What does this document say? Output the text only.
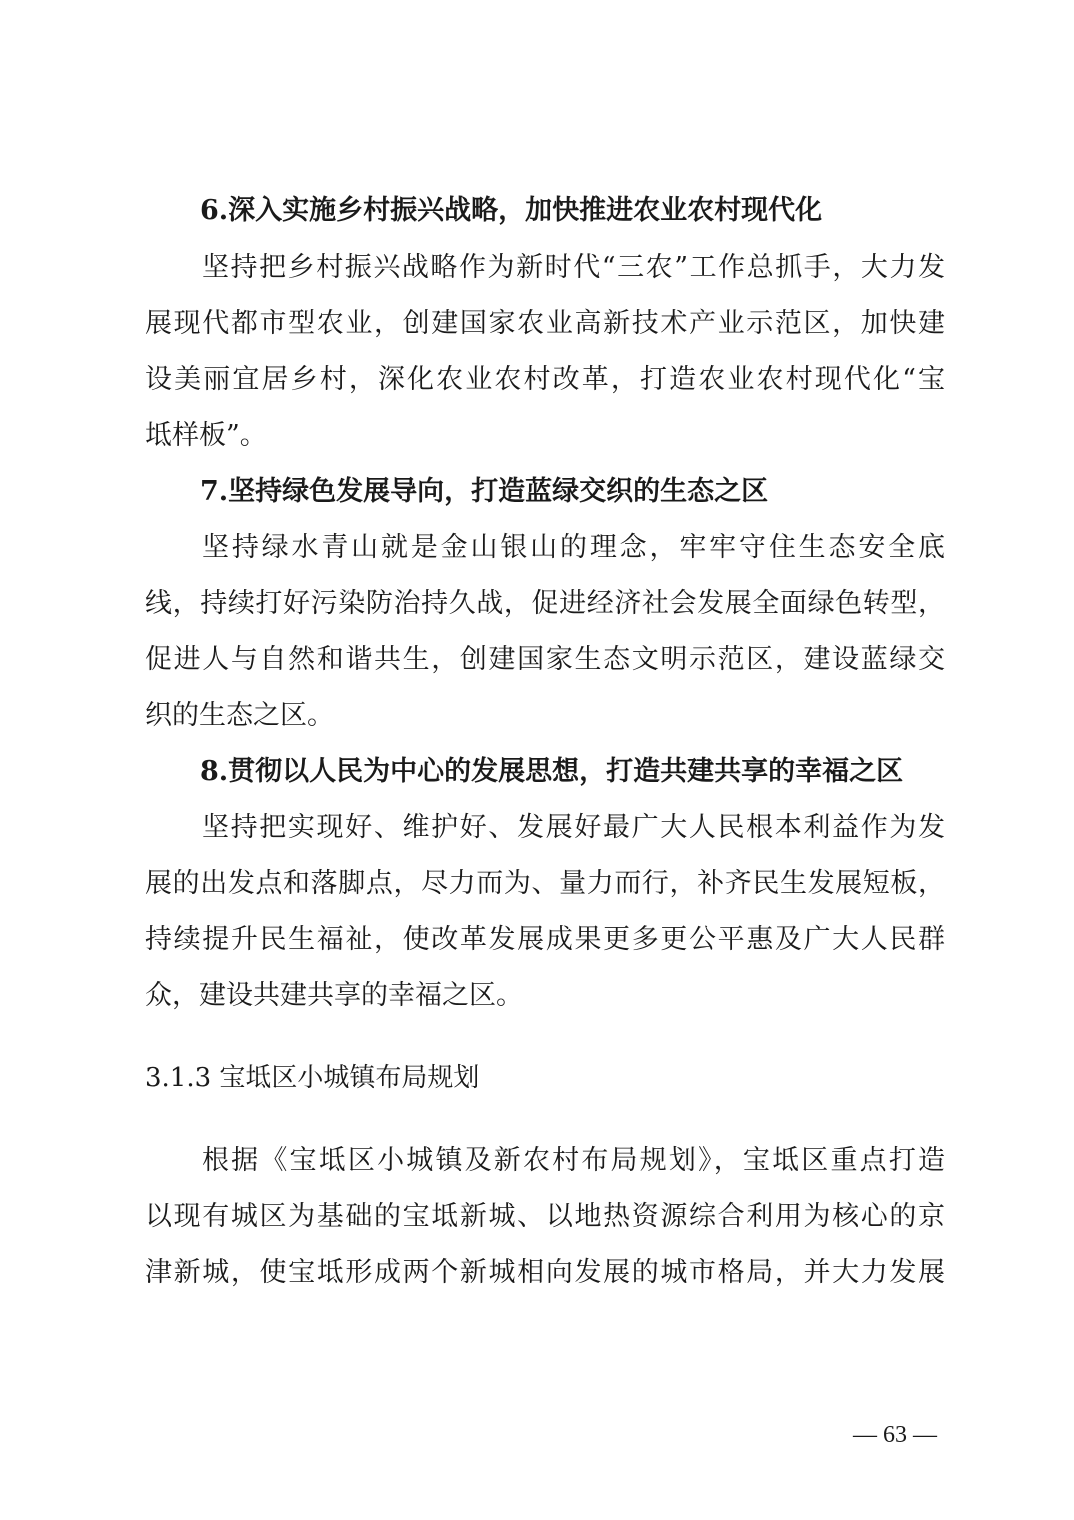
6.深入实施乡村振兴战略，加快推进农业农村现代化
坚持把乡村振兴战略作为新时代“三农”工作总抓手，大力发
展现代都市型农业，创建国家农业高新技术产业示范区，加快建
设美丽宜居乡村，深化农业农村改革，打造农业农村现代化“宝
坻样板”。
7.坚持绿色发展导向，打造蓝绿交织的生态之区
坚持绿水青山就是金山银山的理念，牢牢守住生态安全底
线，持续打好污染防治持久战，促进经济社会发展全面绿色转型，
促进人与自然和谐共生，创建国家生态文明示范区，建设蓝绿交
织的生态之区。
8.贯彻以人民为中心的发展思想，打造共建共享的幸福之区
坚持把实现好、维护好、发展好最广大人民根本利益作为发
展的出发点和落脚点，尽力而为、量力而行，补齐民生发展短板，
持续提升民生福祉，使改革发展成果更多更公平惠及广大人民群
众，建设共建共享的幸福之区。
3.1.3 宝坻区小城镇布局规划
根据《宝坻区小城镇及新农村布局规划》，宝坻区重点打造
以现有城区为基础的宝坻新城、以地热资源综合利用为核心的京
津新城，使宝坻形成两个新城相向发展的城市格局，并大力发展
— 63 —
